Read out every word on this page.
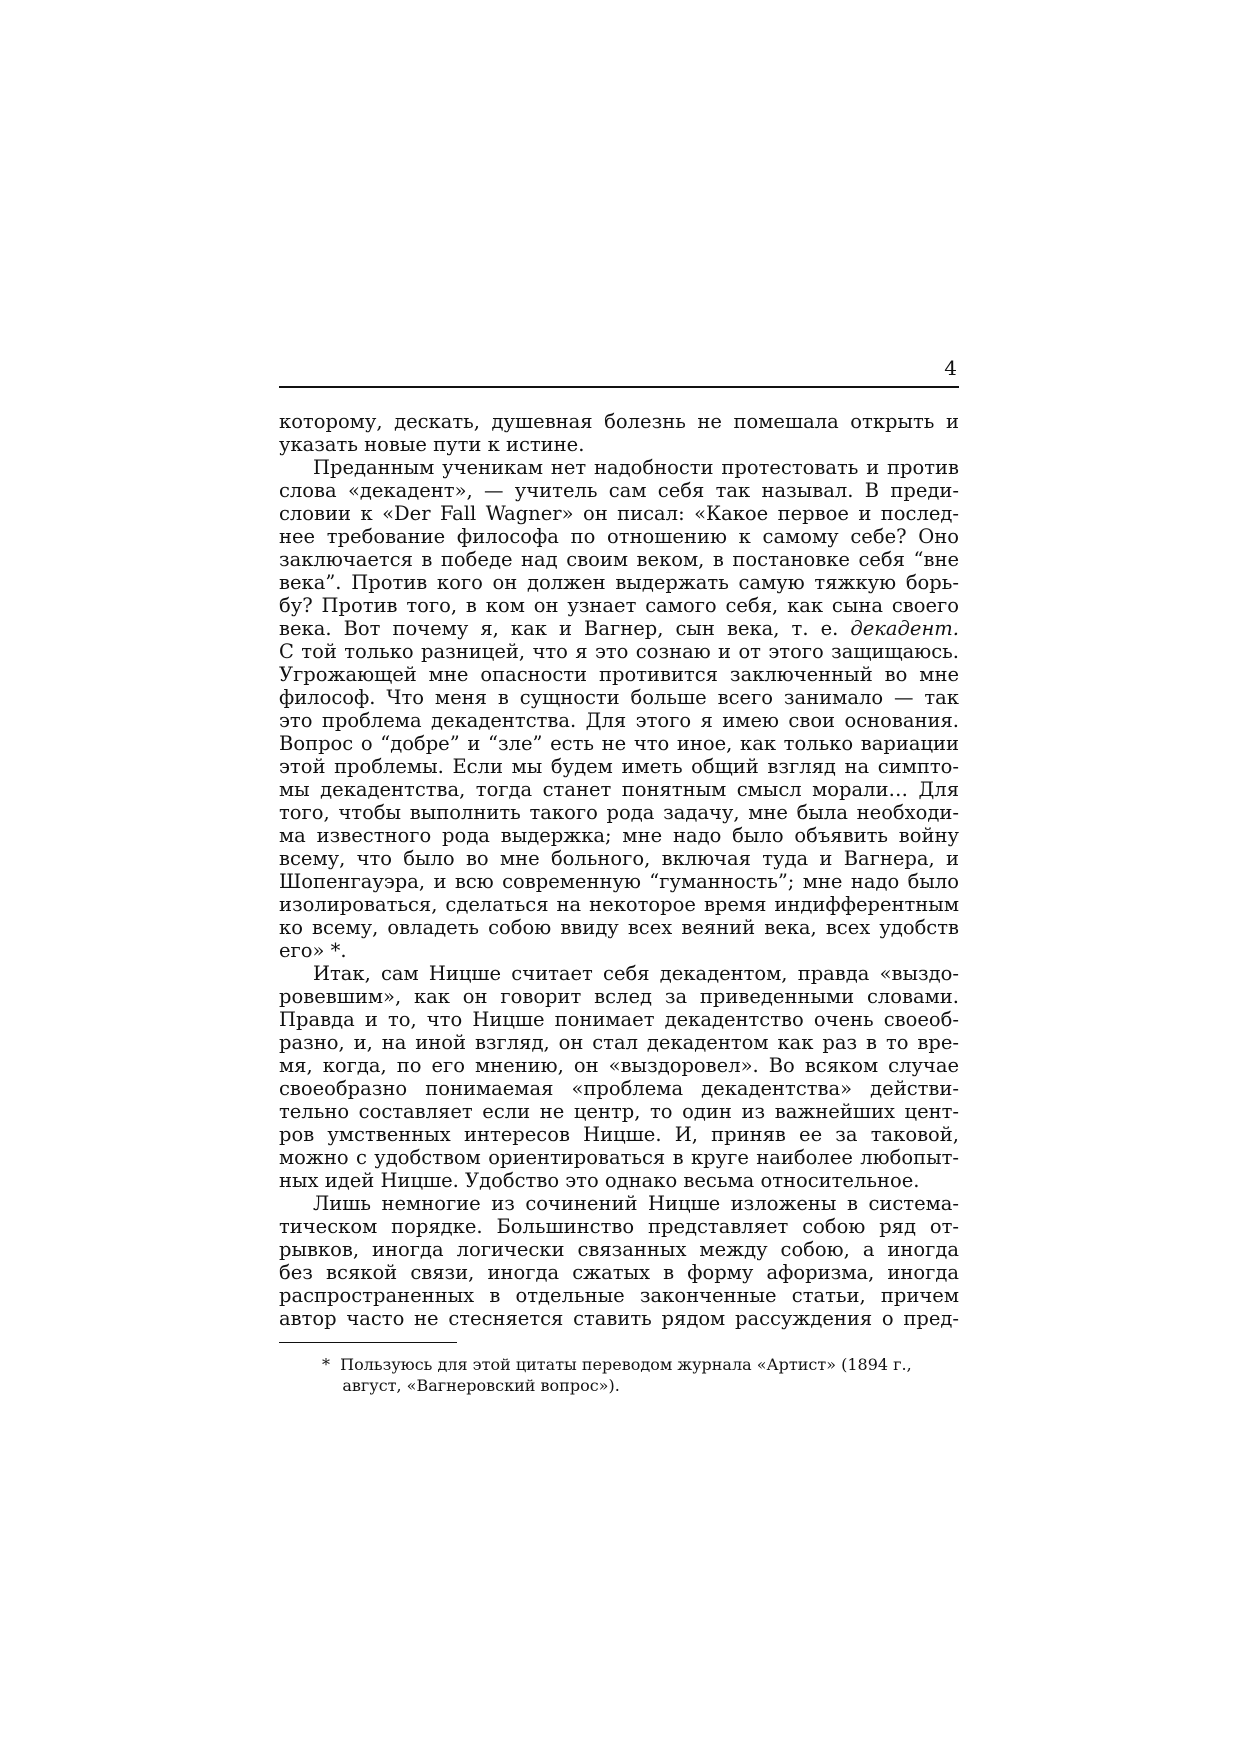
4

которому, дескать, душевная болезнь не помешала открыть и
указать новые пути к истине.

Преданным ученикам нет надобности протестовать и против
слова «декадент», — учитель сам себя так называл. В преди-
словии к «Der Fall Wagner» он писал: «Какое первое и послед-
нее требование философа по отношению к самому себе? Оно
заключается в победе над своим веком, в постановке себя “вне
века”. Против кого он должен выдержать самую тяжкую борь-
бу? Против того, в ком он узнает самого себя, как сына своего
века. Вот почему я, как и Вагнер, сын века, т. е. декадент.
С той только разницей, что я это сознаю и от этого защищаюсь.
Угрожающей мне опасности противится заключенный во мне
философ. Что меня в сущности больше всего занимало — так
это проблема декадентства. Для этого я имею свои основания.
Вопрос о “добре” и “зле” есть не что иное, как только вариации
этой проблемы. Если мы будем иметь общий взгляд на симпто-
мы декадентства, тогда станет понятным смысл морали… Для
того, чтобы выполнить такого рода задачу, мне была необходи-
ма известного рода выдержка; мне надо было объявить войну
всему, что было во мне больного, включая туда и Вагнера, и
Шопенгауэра, и всю современную “гуманность”; мне надо было
изолироваться, сделаться на некоторое время индифферентным
ко всему, овладеть собою ввиду всех веяний века, всех удобств
его» *.

Итак, сам Ницше считает себя декадентом, правда «выздо-
ровевшим», как он говорит вслед за приведенными словами.
Правда и то, что Ницше понимает декадентство очень своеоб-
разно, и, на иной взгляд, он стал декадентом как раз в то вре-
мя, когда, по его мнению, он «выздоровел». Во всяком случае
своеобразно понимаемая «проблема декадентства» действи-
тельно составляет если не центр, то один из важнейших цент-
ров умственных интересов Ницше. И, приняв ее за таковой,
можно с удобством ориентироваться в круге наиболее любопыт-
ных идей Ницше. Удобство это однако весьма относительное.

Лишь немногие из сочинений Ницше изложены в система-
тическом порядке. Большинство представляет собою ряд от-
рывков, иногда логически связанных между собою, а иногда
без всякой связи, иногда сжатых в форму афоризма, иногда
распространенных в отдельные законченные статьи, причем
автор часто не стесняется ставить рядом рассуждения о пред-

*  Пользуюсь для этой цитаты переводом журнала «Артист» (1894 г.,
август, «Вагнеровский вопрос»).
